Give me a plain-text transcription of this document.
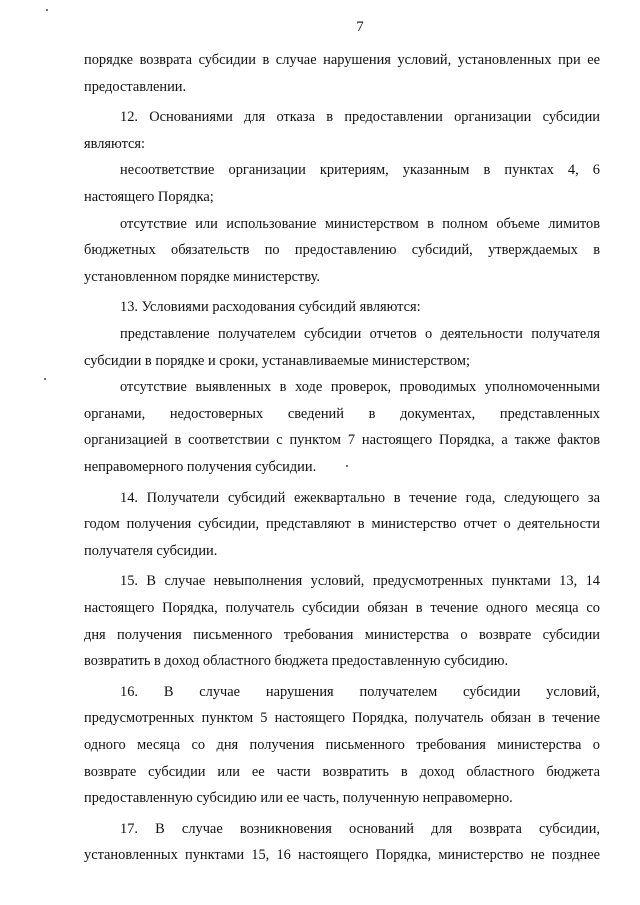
7
порядке возврата субсидии в случае нарушения условий, установленных при ее
предоставлении.
12. Основаниями для отказа в предоставлении организации субсидии
являются:
несоответствие организации критериям, указанным в пунктах 4, 6
настоящего Порядка;
отсутствие или использование министерством в полном объеме лимитов
бюджетных обязательств по предоставлению субсидий, утверждаемых в
установленном порядке министерству.
13. Условиями расходования субсидий являются:
представление получателем субсидии отчетов о деятельности получателя
субсидии в порядке и сроки, устанавливаемые министерством;
отсутствие выявленных в ходе проверок, проводимых уполномоченными
органами, недостоверных сведений в документах, представленных
организацией в соответствии с пунктом 7 настоящего Порядка, а также фактов
неправомерного получения субсидии.
14. Получатели субсидий ежеквартально в течение года, следующего за
годом получения субсидии, представляют в министерство отчет о деятельности
получателя субсидии.
15. В случае невыполнения условий, предусмотренных пунктами 13, 14
настоящего Порядка, получатель субсидии обязан в течение одного месяца со
дня получения письменного требования министерства о возврате субсидии
возвратить в доход областного бюджета предоставленную субсидию.
16. В случае нарушения получателем субсидии условий,
предусмотренных пунктом 5 настоящего Порядка, получатель обязан в течение
одного месяца со дня получения письменного требования министерства о
возврате субсидии или ее части возвратить в доход областного бюджета
предоставленную субсидию или ее часть, полученную неправомерно.
17. В случае возникновения оснований для возврата субсидии,
установленных пунктами 15, 16 настоящего Порядка, министерство не позднее
